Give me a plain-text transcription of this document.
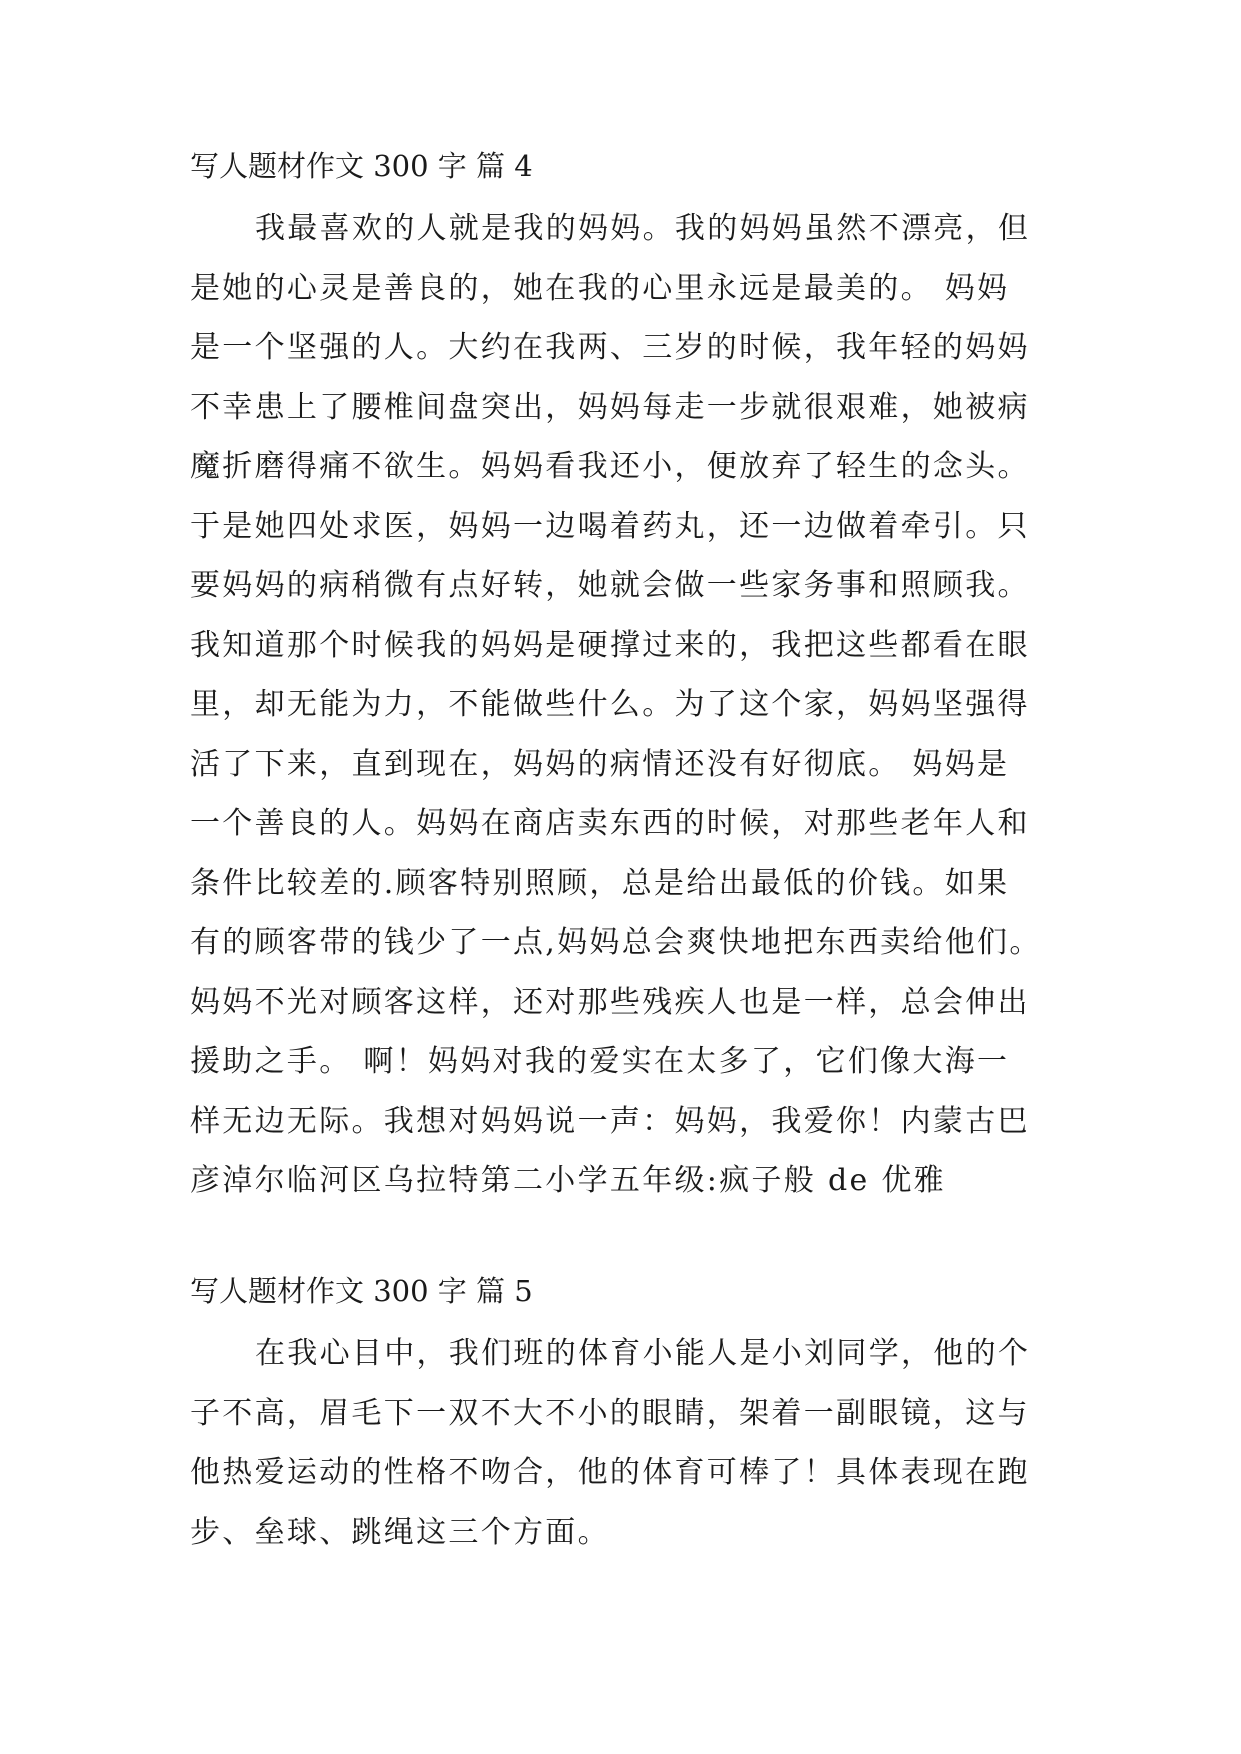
写人题材作文 300 字 篇 4

我最喜欢的人就是我的妈妈。我的妈妈虽然不漂亮，但

是她的心灵是善良的，她在我的心里永远是最美的。 妈妈

是一个坚强的人。大约在我两、三岁的时候，我年轻的妈妈

不幸患上了腰椎间盘突出，妈妈每走一步就很艰难，她被病

魔折磨得痛不欲生。妈妈看我还小，便放弃了轻生的念头。

于是她四处求医，妈妈一边喝着药丸，还一边做着牵引。只

要妈妈的病稍微有点好转，她就会做一些家务事和照顾我。

我知道那个时候我的妈妈是硬撑过来的，我把这些都看在眼

里，却无能为力，不能做些什么。为了这个家，妈妈坚强得

活了下来，直到现在，妈妈的病情还没有好彻底。 妈妈是

一个善良的人。妈妈在商店卖东西的时候，对那些老年人和

条件比较差的.顾客特别照顾，总是给出最低的价钱。如果

有的顾客带的钱少了一点,妈妈总会爽快地把东西卖给他们。

妈妈不光对顾客这样，还对那些残疾人也是一样，总会伸出

援助之手。 啊！妈妈对我的爱实在太多了，它们像大海一

样无边无际。我想对妈妈说一声：妈妈，我爱你！内蒙古巴

彦淖尔临河区乌拉特第二小学五年级:疯子般 de 优雅

写人题材作文 300 字 篇 5

在我心目中，我们班的体育小能人是小刘同学，他的个

子不高，眉毛下一双不大不小的眼睛，架着一副眼镜，这与

他热爱运动的性格不吻合，他的体育可棒了！具体表现在跑

步、垒球、跳绳这三个方面。
